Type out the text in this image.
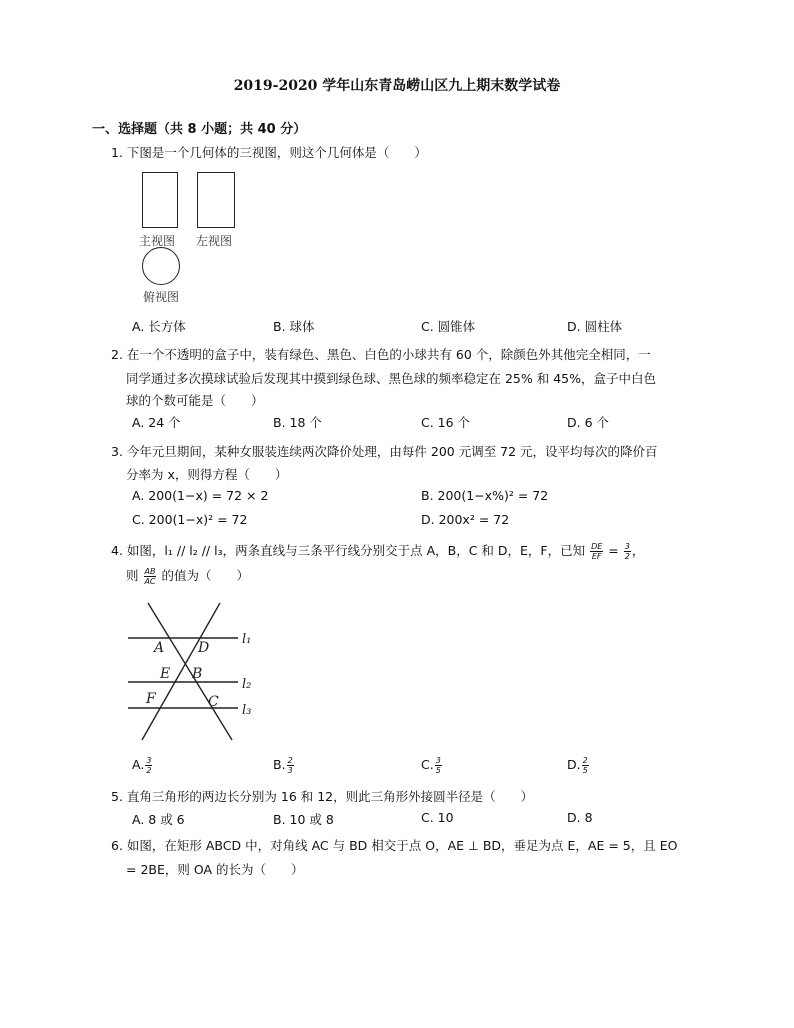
2019-2020 学年山东青岛崂山区九上期末数学试卷
一、选择题（共 8 小题；共 40 分）
1. 下图是一个几何体的三视图，则这个几何体是（　　）
主视图 左视图
俯视图
A. 长方体	B. 球体	C. 圆锥体	D. 圆柱体
2. 在一个不透明的盒子中，装有绿色、黑色、白色的小球共有 60 个，除颜色外其他完全相同，一
同学通过多次摸球试验后发现其中摸到绿色球、黑色球的频率稳定在 25% 和 45%，盒子中白色
球的个数可能是（　　）
A. 24 个	B. 18 个	C. 16 个	D. 6 个
3. 今年元旦期间，某种女服装连续两次降价处理，由每件 200 元调至 72 元，设平均每次的降价百
分率为 x，则得方程（　　）
A. 200(1−x) = 72 × 2	B. 200(1−x%)² = 72
C. 200(1−x)² = 72	D. 200x² = 72
4. 如图，l₁ // l₂ // l₃，两条直线与三条平行线分别交于点 A，B，C 和 D，E，F，已知 $\frac{DE}{EF} = \frac{3}{2}$ ，
则 $\frac{AB}{AC}$ 的值为（　　）
A D
E B
F	C
l₁
l₂
l₃
A. $\frac{3}{2}$	B. $\frac{2}{3}$	C. $\frac{3}{5}$	D. $\frac{2}{5}$
5. 直角三角形的两边长分别为 16 和 12，则此三角形外接圆半径是（　　）
A. 8 或 6	B. 10 或 8	C. 10	D. 8
6. 如图，在矩形 ABCD 中，对角线 AC 与 BD 相交于点 O，AE ⊥ BD，垂足为点 E，AE = 5，且 EO
= 2BE，则 OA 的长为（　　）
